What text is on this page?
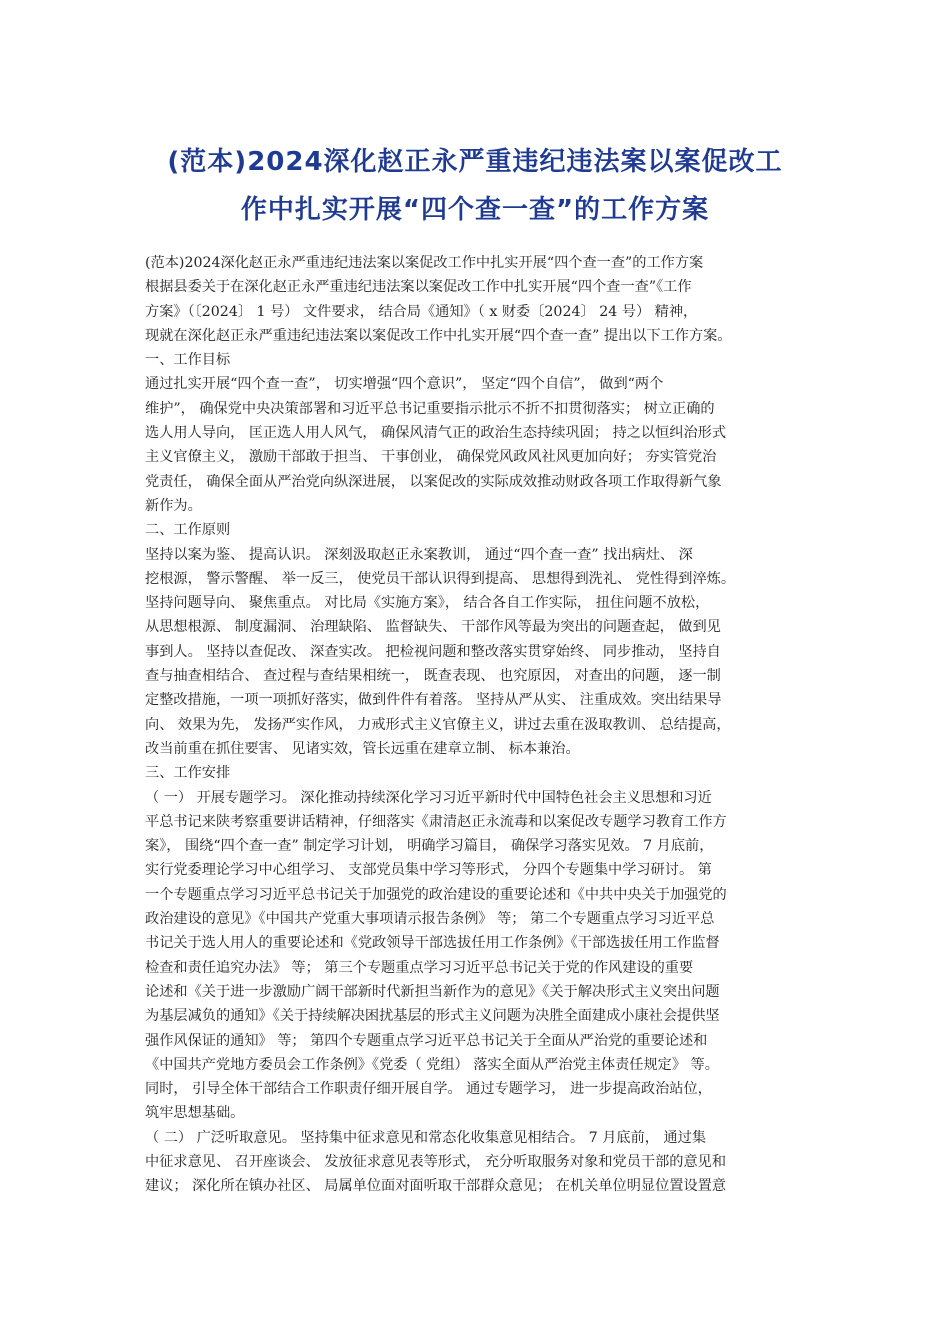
(范本)2024深化赵正永严重违纪违法案以案促改工
作中扎实开展“四个查一查”的工作方案

(范本)2024深化赵正永严重违纪违法案以案促改工作中扎实开展“四个查一查”的工作方案

根据县委关于在深化赵正永严重违纪违法案以案促改工作中扎实开展“四个查一查”《工作

方案》（〔2024〕 1 号） 文件要求， 结合局《通知》（ x 财委〔2024〕 24 号） 精神，

现就在深化赵正永严重违纪违法案以案促改工作中扎实开展“四个查一查” 提出以下工作方案。

一、工作目标

通过扎实开展“四个查一查”， 切实增强“四个意识”， 坚定“四个自信”， 做到“两个

维护”， 确保党中央决策部署和习近平总书记重要指示批示不折不扣贯彻落实； 树立正确的

选人用人导向， 匡正选人用人风气， 确保风清气正的政治生态持续巩固； 持之以恒纠治形式

主义官僚主义， 激励干部敢于担当、 干事创业， 确保党风政风社风更加向好； 夯实管党治

党责任， 确保全面从严治党向纵深进展， 以案促改的实际成效推动财政各项工作取得新气象

新作为。

二、工作原则

坚持以案为鉴、 提高认识。 深刻汲取赵正永案教训， 通过“四个查一查” 找出病灶、 深

挖根源， 警示警醒、 举一反三， 使党员干部认识得到提高、 思想得到洗礼、 党性得到淬炼。

坚持问题导向、 聚焦重点。 对比局《实施方案》， 结合各自工作实际， 扭住问题不放松，

从思想根源、 制度漏洞、 治理缺陷、 监督缺失、 干部作风等最为突出的问题查起， 做到见

事到人。 坚持以查促改、 深查实改。 把检视问题和整改落实贯穿始终、 同步推动， 坚持自

查与抽查相结合、 查过程与查结果相统一， 既查表现、 也究原因， 对查出的问题， 逐一制

定整改措施，一项一项抓好落实，做到件件有着落。 坚持从严从实、 注重成效。突出结果导

向、 效果为先， 发扬严实作风， 力戒形式主义官僚主义，讲过去重在汲取教训、 总结提高，

改当前重在抓住要害、 见诸实效，管长远重在建章立制、 标本兼治。

三、工作安排

（ 一） 开展专题学习。 深化推动持续深化学习习近平新时代中国特色社会主义思想和习近

平总书记来陕考察重要讲话精神，仔细落实《肃清赵正永流毒和以案促改专题学习教育工作方

案》， 围绕“四个查一查” 制定学习计划， 明确学习篇目， 确保学习落实见效。 7 月底前，

实行党委理论学习中心组学习、 支部党员集中学习等形式， 分四个专题集中学习研讨。 第

一个专题重点学习习近平总书记关于加强党的政治建设的重要论述和《中共中央关于加强党的

政治建设的意见》《中国共产党重大事项请示报告条例》 等； 第二个专题重点学习习近平总

书记关于选人用人的重要论述和《党政领导干部选拔任用工作条例》《干部选拔任用工作监督

检查和责任追究办法》 等； 第三个专题重点学习习近平总书记关于党的作风建设的重要

论述和《关于进一步激励广阔干部新时代新担当新作为的意见》《关于解决形式主义突出问题

为基层减负的通知》《关于持续解决困扰基层的形式主义问题为决胜全面建成小康社会提供坚

强作风保证的通知》 等； 第四个专题重点学习近平总书记关于全面从严治党的重要论述和

《中国共产党地方委员会工作条例》《党委（ 党组） 落实全面从严治党主体责任规定》 等。

同时， 引导全体干部结合工作职责仔细开展自学。 通过专题学习， 进一步提高政治站位，

筑牢思想基础。

（ 二） 广泛听取意见。 坚持集中征求意见和常态化收集意见相结合。 7 月底前， 通过集

中征求意见、 召开座谈会、 发放征求意见表等形式， 充分听取服务对象和党员干部的意见和

建议； 深化所在镇办社区、 局属单位面对面听取干部群众意见； 在机关单位明显位置设置意
